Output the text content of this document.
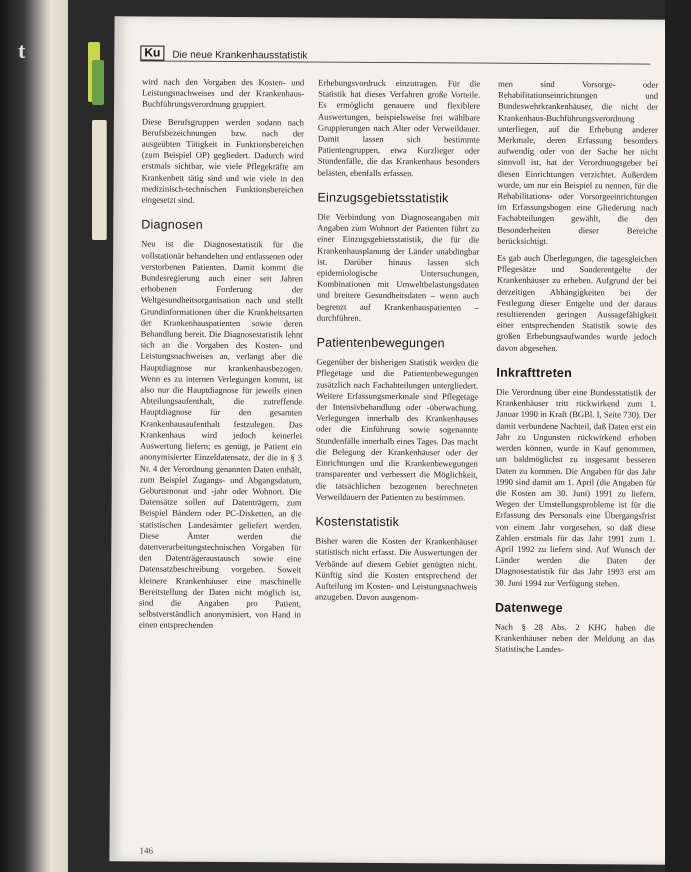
t	Ku	Die neue Krankenhausstatistik

wird nach den Vorgaben des Kosten- und Leistungsnachweises und der Krankenhaus-Buchführungsverordnung gruppiert.

Diese Berufsgruppen werden sodann nach Berufsbezeichnungen bzw. nach der ausgeübten Tätigkeit in Funktionsbereichen (zum Beispiel OP) gegliedert. Dadurch wird erstmals sichtbar, wie viele Pflegekräfte am Krankenbett tätig sind und wie viele in den medizinisch-technischen Funktionsbereichen eingesetzt sind.

Diagnosen

Neu ist die Diagnosestatistik für die vollstationär behandelten und entlassenen oder verstorbenen Patienten. Damit kommt die Bundesregierung auch einer seit Jahren erhobenen Forderung der Weltgesundheitsorganisation nach und stellt Grundinformationen über die Krankheitsarten der Krankenhauspatienten sowie deren Behandlung bereit. Die Diagnosestatistik lehnt sich an die Vorgaben des Kosten- und Leistungsnachweises an, verlangt aber die Hauptdiagnose nur krankenhausbezogen. Wenn es zu internen Verlegungen kommt, ist also nur die Hauptdiagnose für jeweils einen Abteilungsaufenthalt, die zutreffende Hauptdiagnose für den gesamten Krankenhausaufenthalt festzulegen. Das Krankenhaus wird jedoch keinerlei Auswertung liefern; es genügt, je Patient ein anonymisierter Einzeldatensatz, der die in § 3 Nr. 4 der Verordnung genannten Daten enthält, zum Beispiel Zugangs- und Abgangsdatum, Geburtsmonat und -jahr oder Wohnort. Die Datensätze sollen auf Datenträgern, zum Beispiel Bändern oder PC-Disketten, an die statistischen Landesämter geliefert werden. Diese Ämter werden die datenverarbeitungstechnischen Vorgaben für den Datenträgeraustausch sowie eine Datensatzbeschreibung vorgeben. Soweit kleinere Krankenhäuser eine maschinelle Bereitstellung der Daten nicht möglich ist, sind die Angaben pro Patient, selbstverständlich anonymisiert, von Hand in einen entsprechenden

Erhebungsvordruck einzutragen. Für die Statistik hat dieses Verfahren große Vorteile. Es ermöglicht genauere und flexiblere Auswertungen, beispielsweise frei wählbare Gruppierungen nach Alter oder Verweildauer. Damit lassen sich bestimmte Patientengruppen, etwa Kurzlieger oder Stundenfälle, die das Krankenhaus besonders belasten, ebenfalls erfassen.

Einzugsgebietsstatistik

Die Verbindung von Diagnoseangaben mit Angaben zum Wohnort der Patienten führt zu einer Einzugsgebietsstatistik, die für die Krankenhausplanung der Länder unabdingbar ist. Darüber hinaus lassen sich epidemiologische Untersuchungen, Kombinationen mit Umweltbelastungsdaten und breitere Gesundheitsdaten – wenn auch begrenzt auf Krankenhauspatienten – durchführen.

Patientenbewegungen

Gegenüber der bisherigen Statistik werden die Pflegetage und die Patientenbewegungen zusätzlich nach Fachabteilungen untergliedert. Weitere Erfassungsmerkmale sind Pflegetage der Intensivbehandlung oder -überwachung. Verlegungen innerhalb des Krankenhauses oder die Einführung sowie sogenannte Stundenfälle innerhalb eines Tages. Das macht die Belegung der Krankenhäuser oder der Einrichtungen und die Krankenbewegungen transparenter und verbessert die Möglichkeit, die tatsächlichen bezogenen berechneten Verweildauern der Patienten zu bestimmen.

Kostenstatistik

Bisher waren die Kosten der Krankenhäuser statistisch nicht erfasst. Die Auswertungen der Verbände auf diesem Gebiet genügten nicht. Künftig sind die Kosten entsprechend der Aufteilung im Kosten- und Leistungsnachweis anzugeben. Davon ausgenom-

men sind Vorsorge- oder Rehabilitationseinrichtungen und Bundeswehrkrankenhäuser, die nicht der Krankenhaus-Buchführungsverordnung unterliegen, auf die Erhebung anderer Merkmale, deren Erfassung besonders aufwendig oder von der Sache her nicht sinnvoll ist, hat der Verordnungsgeber bei diesen Einrichtungen verzichtet. Außerdem wurde, um nur ein Beispiel zu nennen, für die Rehabilitations- oder Vorsorgeeinrichtungen im Erfassungsbogen eine Gliederung nach Fachabteilungen gewählt, die den Besonderheiten dieser Bereiche berücksichtigt.

Es gab auch Überlegungen, die tagesgleichen Pflegesätze und Sonderentgelte der Krankenhäuser zu erheben. Aufgrund der bei derzeitigen Abhängigkeiten bei der Festlegung dieser Entgelte und der daraus resultierenden geringen Aussagefähigkeit einer entsprechenden Statistik sowie des großen Erhebungsaufwandes wurde jedoch davon abgesehen.

Inkrafttreten

Die Verordnung über eine Bundesstatistik der Krankenhäuser tritt rückwirkend zum 1. Januar 1990 in Kraft (BGBl. I, Seite 730). Der damit verbundene Nachteil, daß Daten erst ein Jahr zu Ungunsten rückwirkend erhoben werden können, wurde in Kauf genommen, um baldmöglichst zu insgesamt besseren Daten zu kommen. Die Angaben für das Jahr 1990 sind damit am 1. April (die Angaben für die Kosten am 30. Juni) 1991 zu liefern. Wegen der Umstellungsprobleme ist für die Erfassung des Personals eine Übergangsfrist von einem Jahr vorgesehen, so daß diese Zahlen erstmals für das Jahr 1991 zum 1. April 1992 zu liefern sind. Auf Wunsch der Länder werden die Daten der Diagnosestatistik für das Jahr 1993 erst am 30. Juni 1994 zur Verfügung stehen.

Datenwege

Nach § 28 Abs. 2 KHG haben die Krankenhäuser neben der Meldung an das Statistische Landes-

146
